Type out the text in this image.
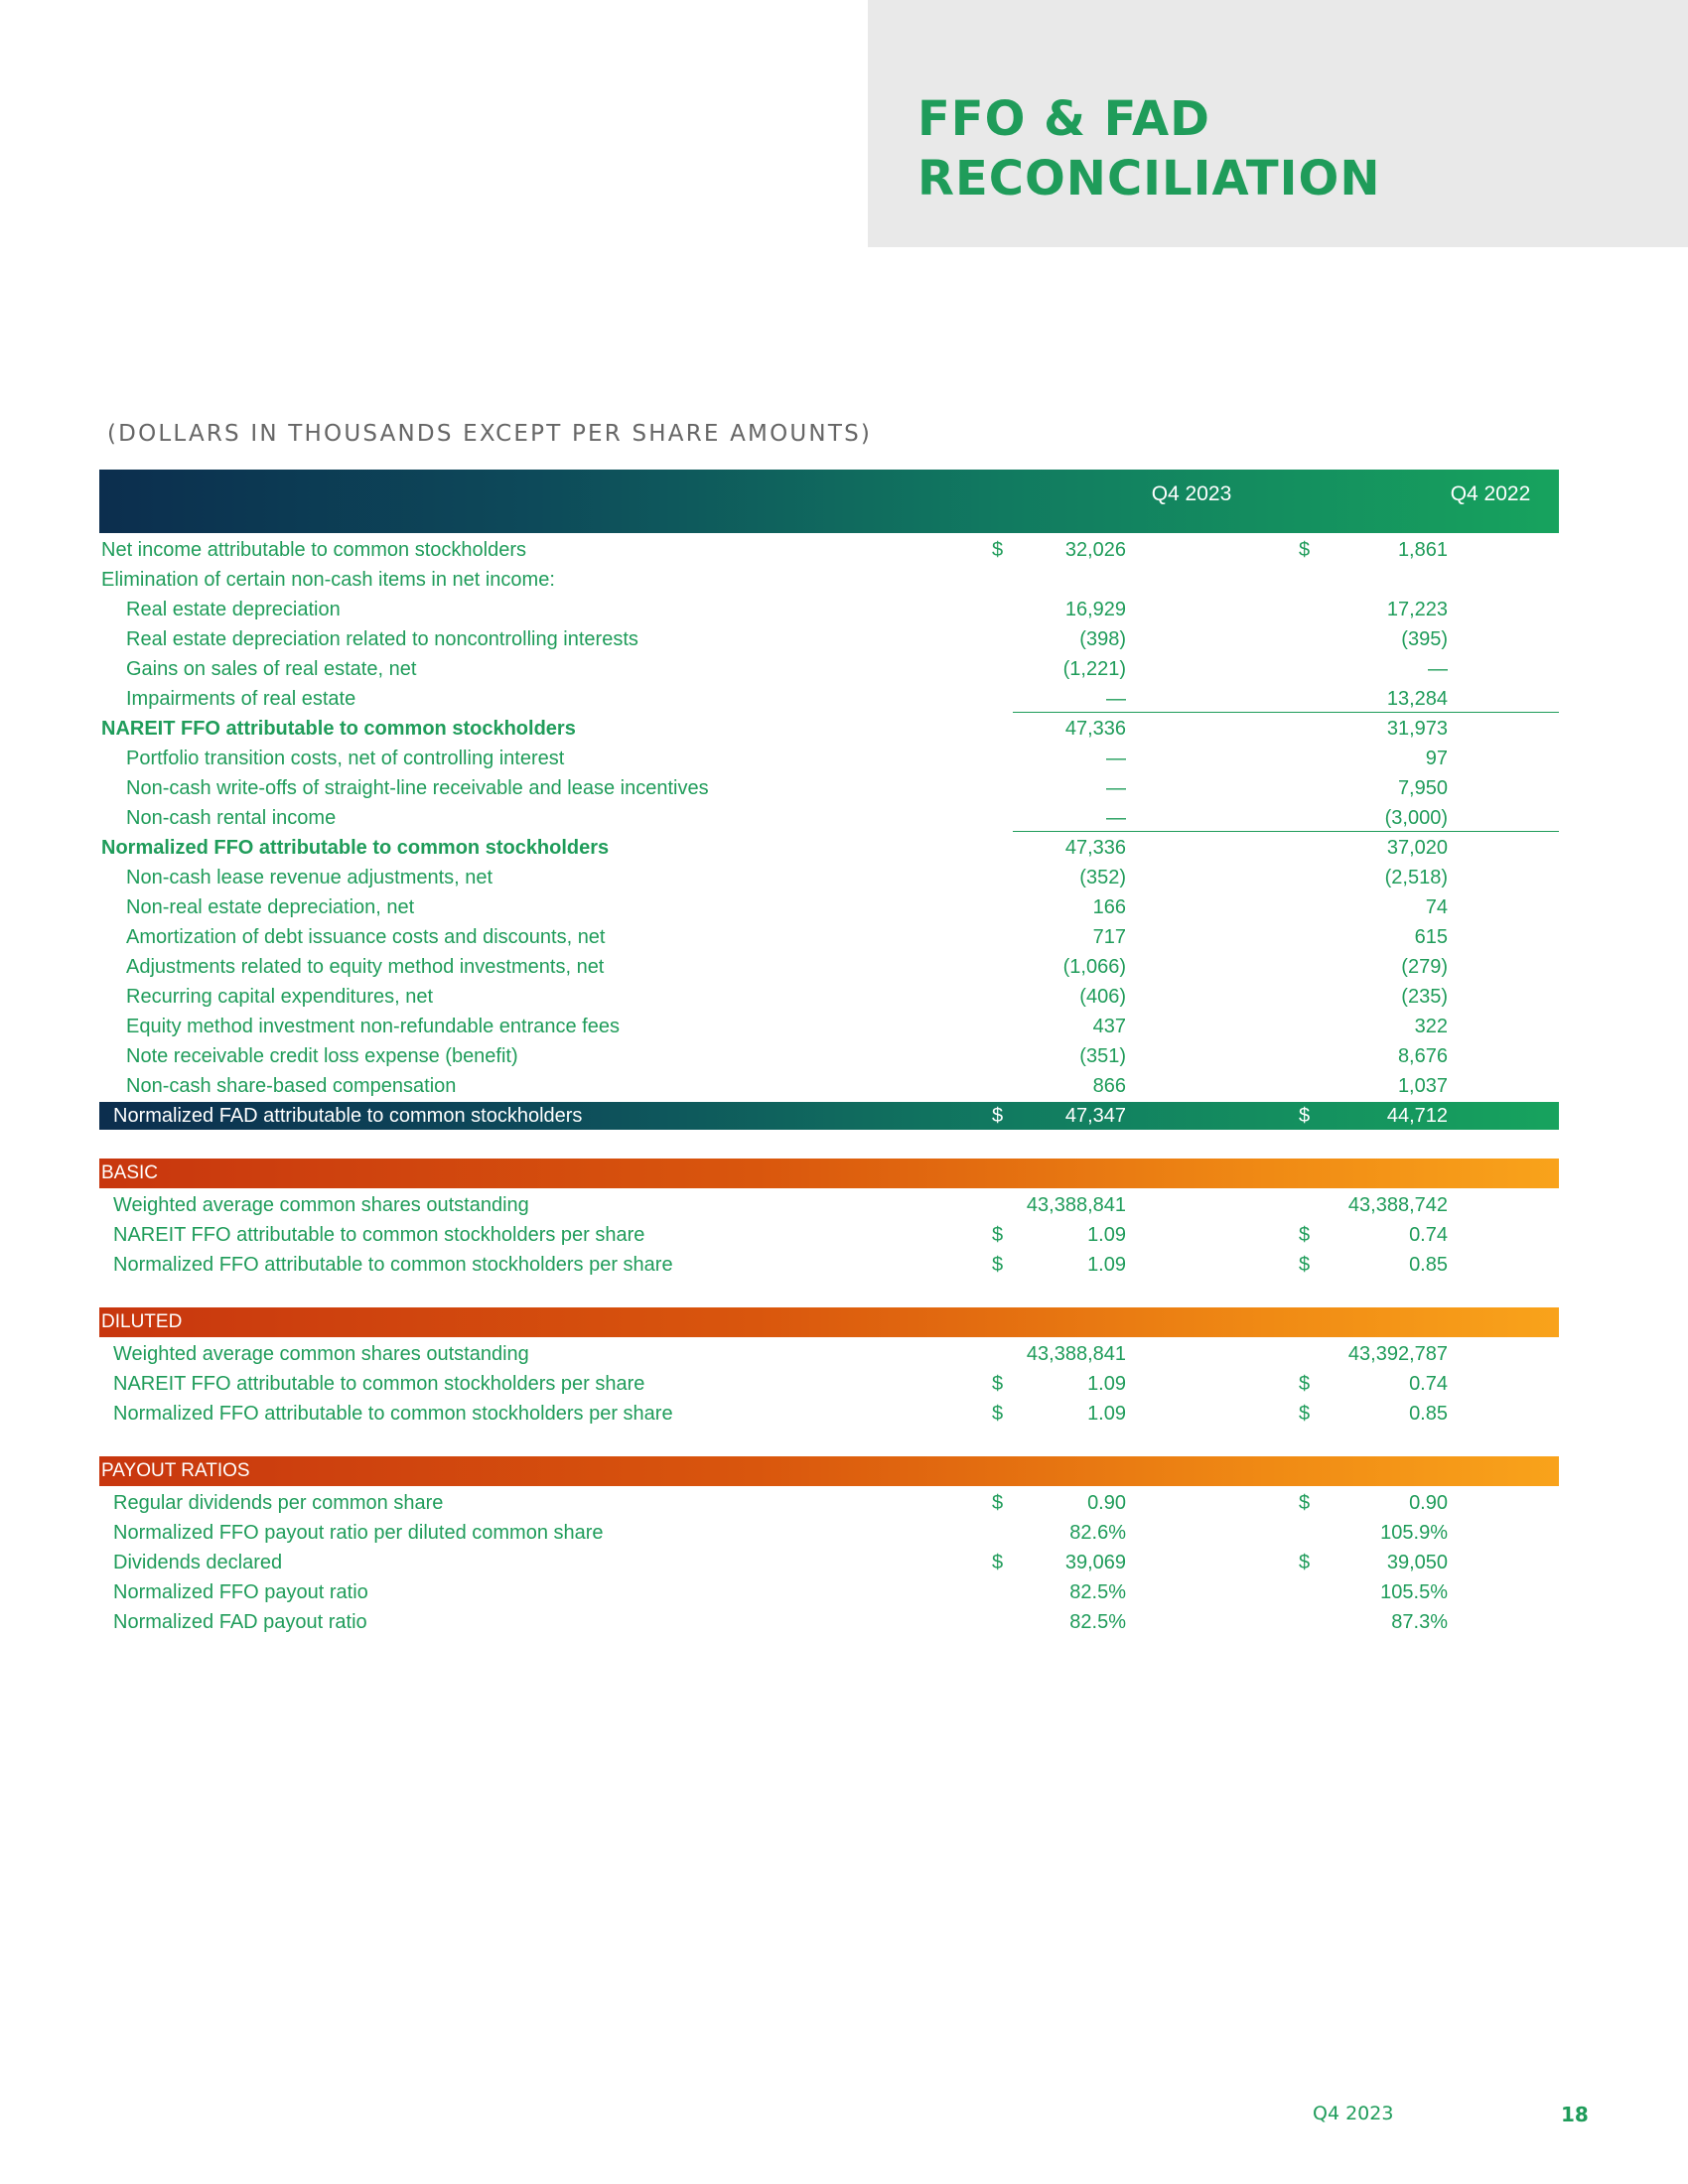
FFO & FAD
RECONCILIATION
(DOLLARS IN THOUSANDS EXCEPT PER SHARE AMOUNTS)
Q4 2023	Q4 2022
Net income attributable to common stockholders	$	32,026	$	1,861
Elimination of certain non-cash items in net income:
Real estate depreciation	16,929	17,223
Real estate depreciation related to noncontrolling interests	(398)	(395)
Gains on sales of real estate, net	(1,221)	—
Impairments of real estate	—	13,284
NAREIT FFO attributable to common stockholders	47,336	31,973
Portfolio transition costs, net of controlling interest	—	97
Non-cash write-offs of straight-line receivable and lease incentives	—	7,950
Non-cash rental income	—	(3,000)
Normalized FFO attributable to common stockholders	47,336	37,020
Non-cash lease revenue adjustments, net	(352)	(2,518)
Non-real estate depreciation, net	166	74
Amortization of debt issuance costs and discounts, net	717	615
Adjustments related to equity method investments, net	(1,066)	(279)
Recurring capital expenditures, net	(406)	(235)
Equity method investment non-refundable entrance fees	437	322
Note receivable credit loss expense (benefit)	(351)	8,676
Non-cash share-based compensation	866	1,037
Normalized FAD attributable to common stockholders	$	47,347	$	44,712
BASIC
Weighted average common shares outstanding	43,388,841	43,388,742
NAREIT FFO attributable to common stockholders per share	$	1.09	$	0.74
Normalized FFO attributable to common stockholders per share	$	1.09	$	0.85
DILUTED
Weighted average common shares outstanding	43,388,841	43,392,787
NAREIT FFO attributable to common stockholders per share	$	1.09	$	0.74
Normalized FFO attributable to common stockholders per share	$	1.09	$	0.85
PAYOUT RATIOS
Regular dividends per common share	$	0.90	$	0.90
Normalized FFO payout ratio per diluted common share	82.6%	105.9%
Dividends declared	$	39,069	$	39,050
Normalized FFO payout ratio	82.5%	105.5%
Normalized FAD payout ratio	82.5%	87.3%
Q4 2023	18
